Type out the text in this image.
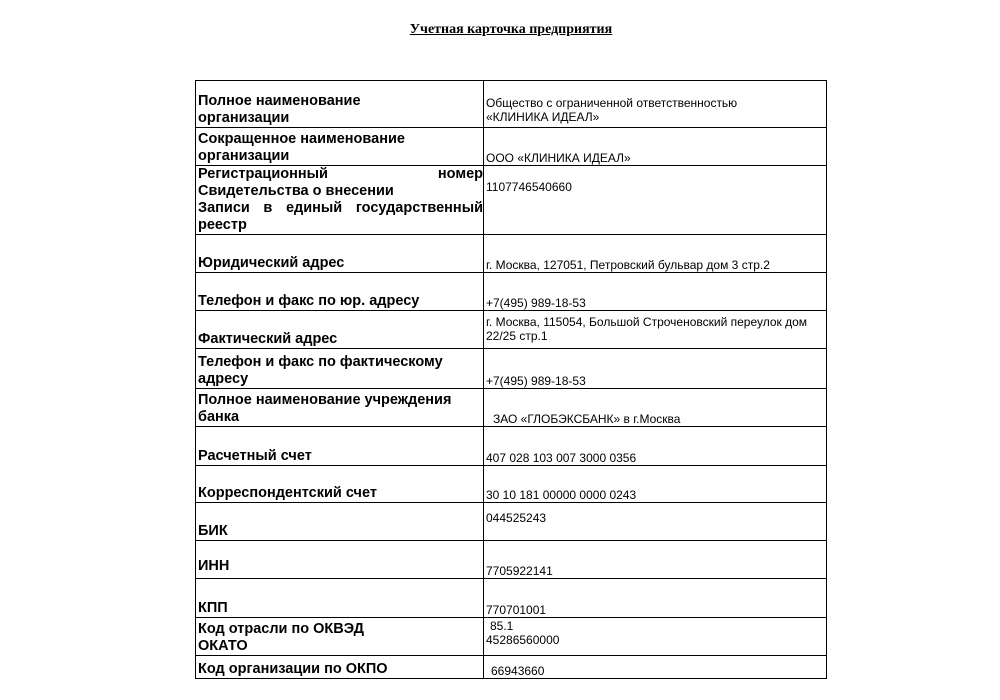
Учетная карточка предприятия
Полное наименование
организации	Общество с ограниченной ответственностью
«КЛИНИКА ИДЕАЛ»

Сокращенное наименование
организации	ООО «КЛИНИКА ИДЕАЛ»

Регистрационный номер Свидетельства о внесении
Записи в единый государственный реестр	1107746540660

Юридический адрес	г. Москва, 127051, Петровский бульвар дом 3 стр.2

Телефон и факс по юр. адресу	+7(495) 989-18-53

Фактический адрес	г. Москва, 115054, Большой Строченовский переулок дом 22/25 стр.1

Телефон и факс по фактическому
адресу	+7(495) 989-18-53

Полное наименование учреждения
банка	ЗАО «ГЛОБЭКСБАНК» в г.Москва

Расчетный счет	407 028 103 007 3000 0356

Корреспондентский счет	30 10 181 00000 0000 0243

БИК	044525243

ИНН	7705922141

КПП	770701001

Код отрасли по ОКВЭД
ОКАТО	85.1
45286560000

Код организации по ОКПО	66943660
